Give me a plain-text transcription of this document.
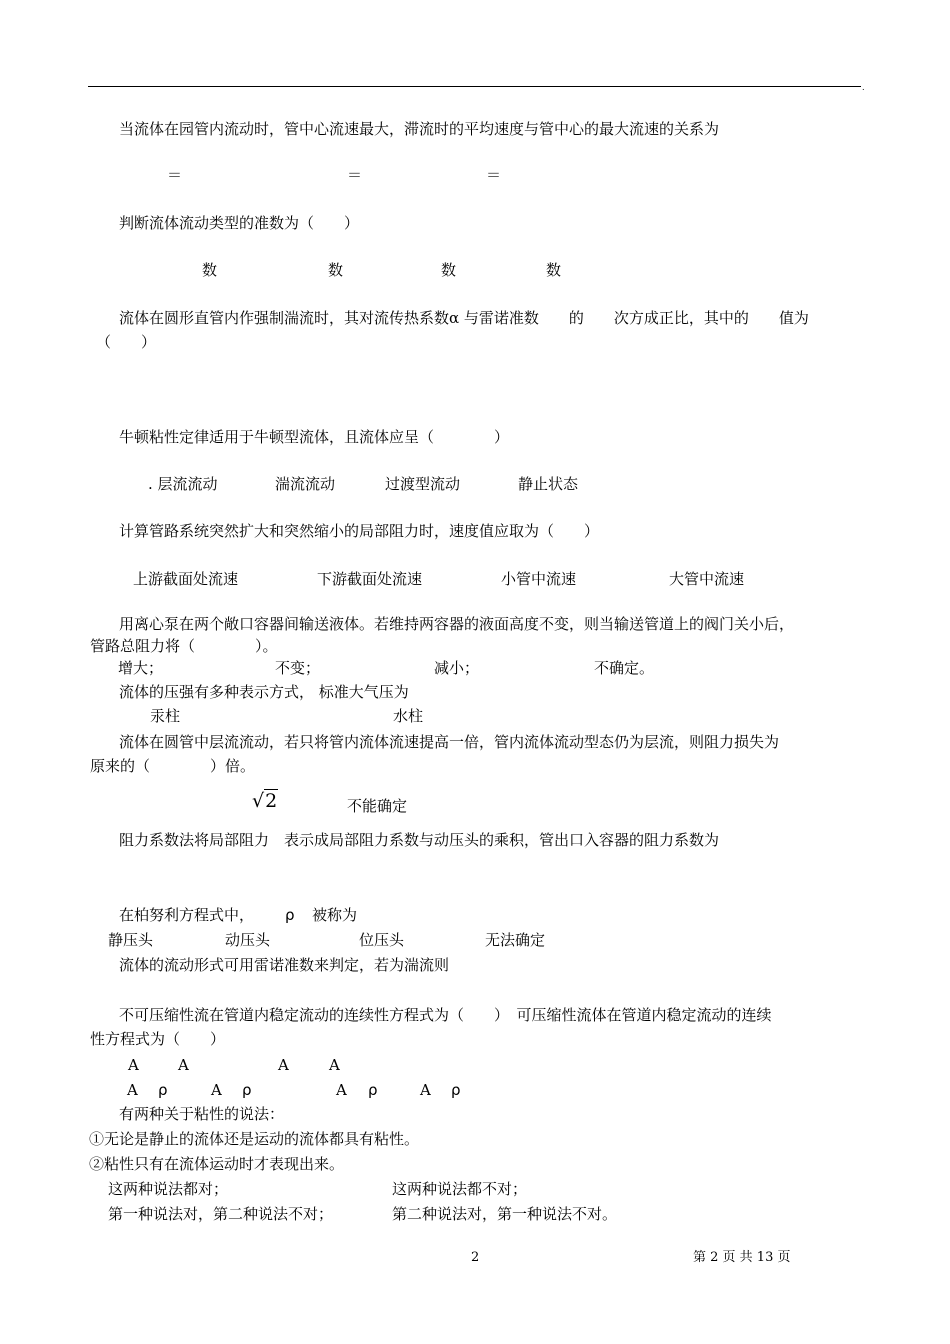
.
当流体在园管内流动时，管中心流速最大，滞流时的平均速度与管中心的最大流速的关系为
＝	＝	＝
判断流体流动类型的准数为（　　）
数	数	数	数
流体在圆形直管内作强制湍流时，其对流传热系数α 与雷诺准数　　的　　次方成正比，其中的　　值为
（　　）
牛顿粘性定律适用于牛顿型流体，且流体应呈（　　　　）
. 层流流动	湍流流动	过渡型流动	静止状态
计算管路系统突然扩大和突然缩小的局部阻力时，速度值应取为（　　）
上游截面处流速	下游截面处流速	小管中流速	大管中流速
用离心泵在两个敞口容器间输送液体。若维持两容器的液面高度不变，则当输送管道上的阀门关小后，
管路总阻力将（　　　　）。
增大；	不变；	减小；	不确定。
流体的压强有多种表示方式， 标准大气压为
汞柱	水柱
流体在圆管中层流流动，若只将管内流体流速提高一倍，管内流体流动型态仍为层流，则阻力损失为
原来的（　　　　）倍。
√2	不能确定
阻力系数法将局部阻力　表示成局部阻力系数与动压头的乘积，管出口入容器的阻力系数为
在柏努利方程式中， ρ 被称为
静压头	动压头	位压头	无法确定
流体的流动形式可用雷诺准数来判定，若为湍流则
不可压缩性流在管道内稳定流动的连续性方程式为（　　）　可压缩性流体在管道内稳定流动的连续
性方程式为（　　）
A	A	A	A
A ρ	A ρ	A ρ	A ρ
有两种关于粘性的说法：
①无论是静止的流体还是运动的流体都具有粘性。
②粘性只有在流体运动时才表现出来。
这两种说法都对；	这两种说法都不对；
第一种说法对，第二种说法不对；	第二种说法对，第一种说法不对。
2	第 2 页 共 13 页
